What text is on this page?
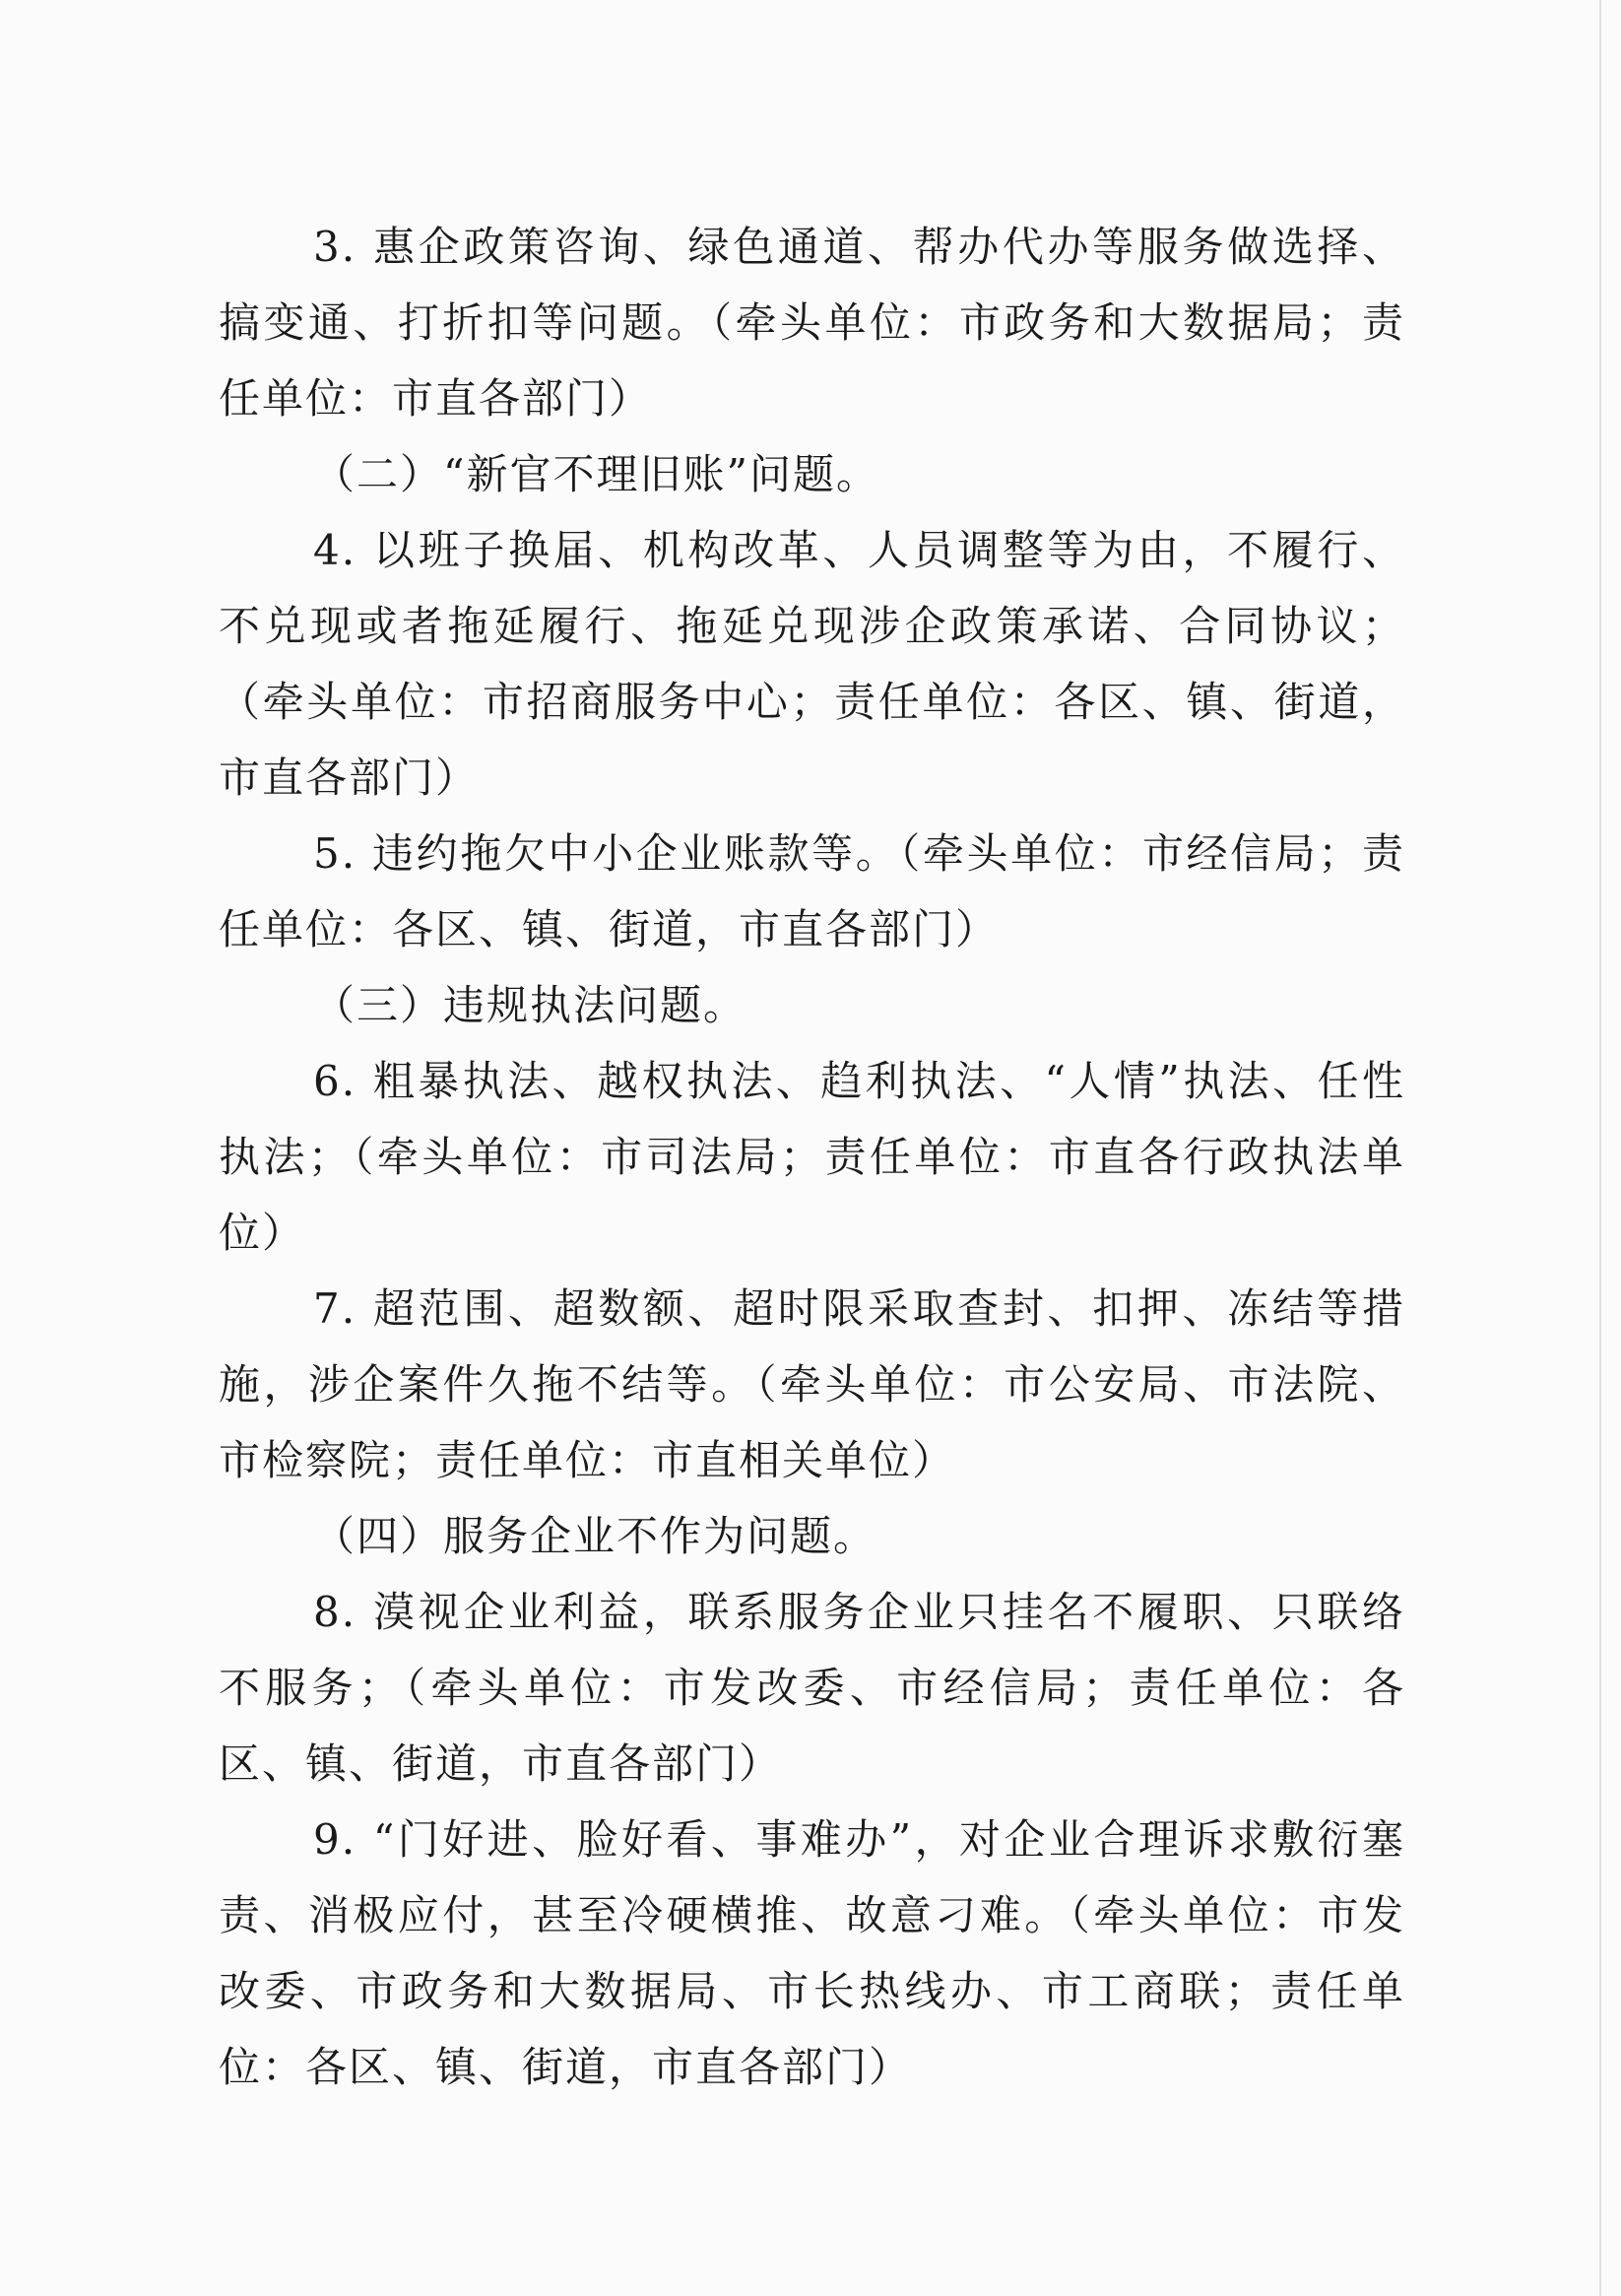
3. 惠企政策咨询、绿色通道、帮办代办等服务做选择、搞变通、打折扣等问题。（牵头单位：市政务和大数据局；责任单位：市直各部门）

（二）“新官不理旧账”问题。

4. 以班子换届、机构改革、人员调整等为由，不履行、不兑现或者拖延履行、拖延兑现涉企政策承诺、合同协议；（牵头单位：市招商服务中心；责任单位：各区、镇、街道，市直各部门）

5. 违约拖欠中小企业账款等。（牵头单位：市经信局；责任单位：各区、镇、街道，市直各部门）

（三）违规执法问题。

6. 粗暴执法、越权执法、趋利执法、“人情”执法、任性执法；（牵头单位：市司法局；责任单位：市直各行政执法单位）

7. 超范围、超数额、超时限采取查封、扣押、冻结等措施，涉企案件久拖不结等。（牵头单位：市公安局、市法院、市检察院；责任单位：市直相关单位）

（四）服务企业不作为问题。

8. 漠视企业利益，联系服务企业只挂名不履职、只联络不服务；（牵头单位：市发改委、市经信局；责任单位：各区、镇、街道，市直各部门）

9. “门好进、脸好看、事难办”，对企业合理诉求敷衍塞责、消极应付，甚至冷硬横推、故意刁难。（牵头单位：市发改委、市政务和大数据局、市长热线办、市工商联；责任单位：各区、镇、街道，市直各部门）
